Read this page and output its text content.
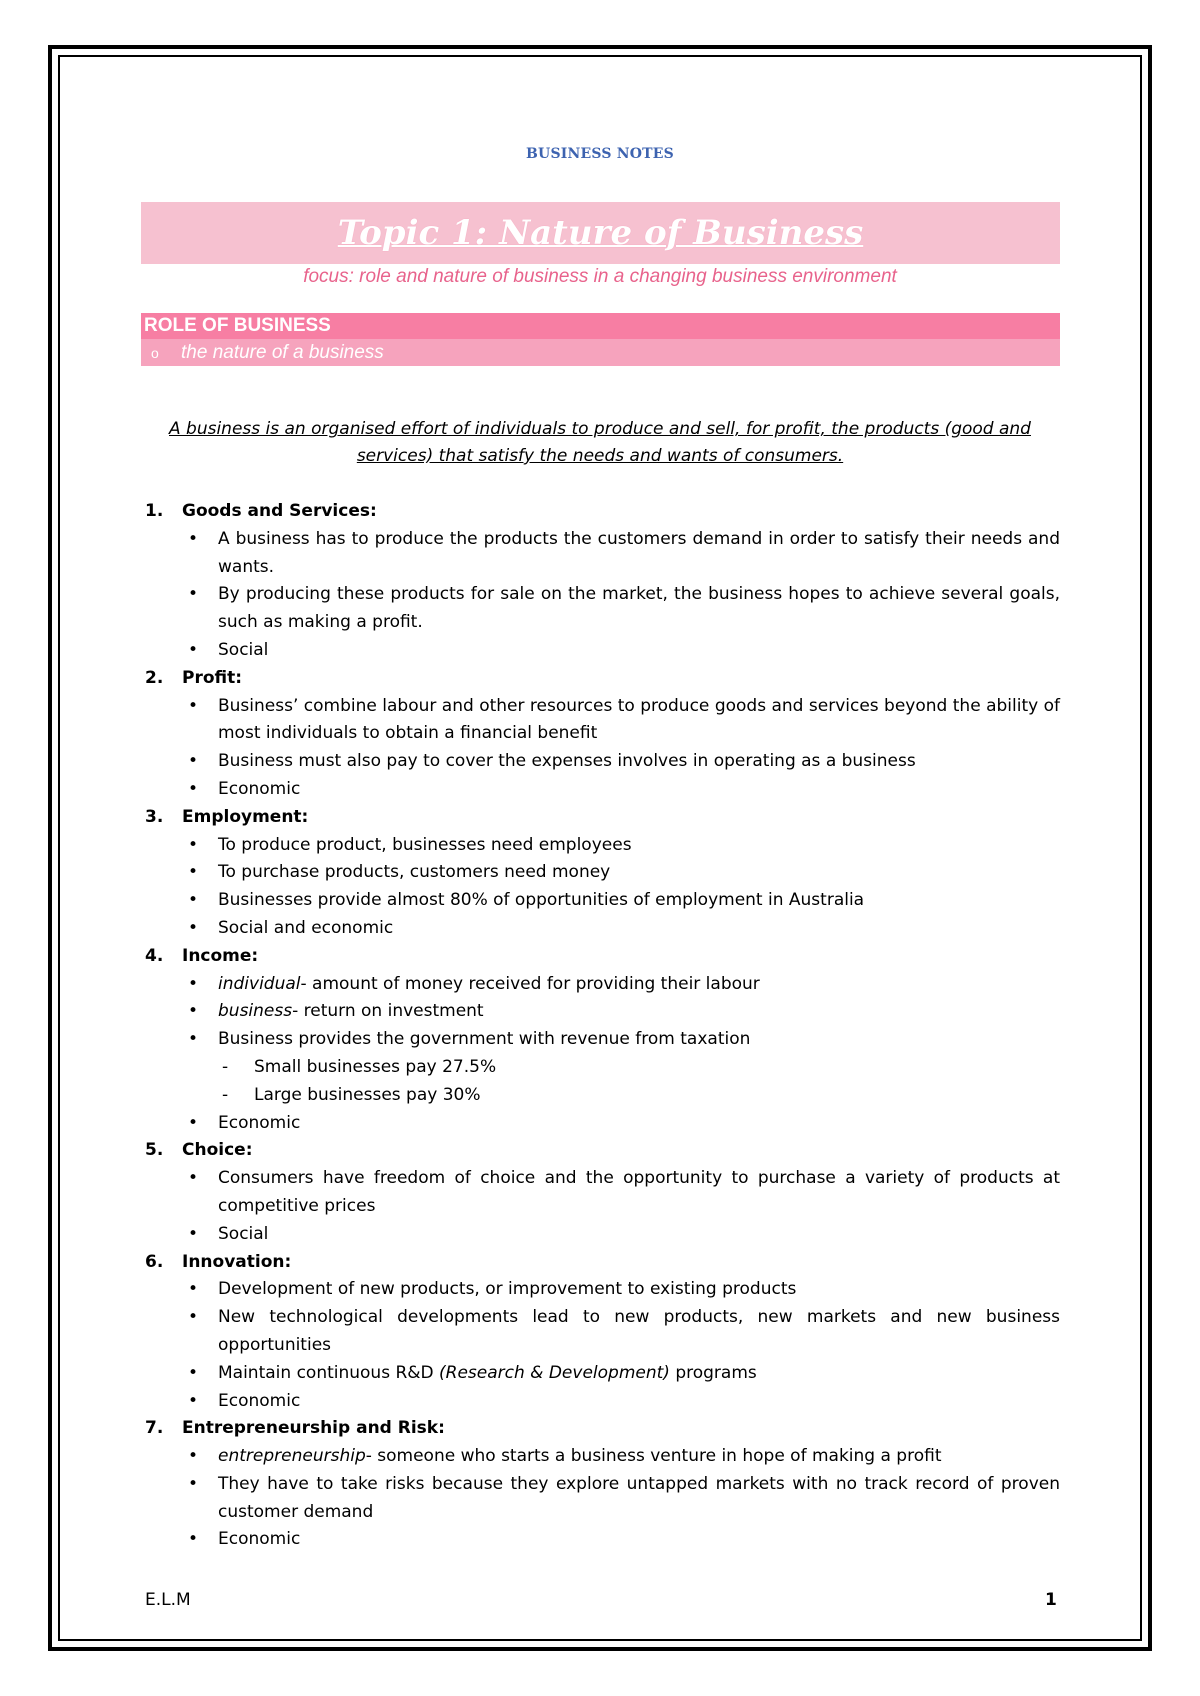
BUSINESS NOTES
Topic 1: Nature of Business
focus: role and nature of business in a changing business environment
ROLE OF BUSINESS
o the nature of a business
A business is an organised effort of individuals to produce and sell, for profit, the products (good and services) that satisfy the needs and wants of consumers.
1. Goods and Services:
• A business has to produce the products the customers demand in order to satisfy their needs and wants.
• By producing these products for sale on the market, the business hopes to achieve several goals, such as making a profit.
• Social
2. Profit:
• Business’ combine labour and other resources to produce goods and services beyond the ability of most individuals to obtain a financial benefit
• Business must also pay to cover the expenses involves in operating as a business
• Economic
3. Employment:
• To produce product, businesses need employees
• To purchase products, customers need money
• Businesses provide almost 80% of opportunities of employment in Australia
• Social and economic
4. Income:
• individual- amount of money received for providing their labour
• business- return on investment
• Business provides the government with revenue from taxation
- Small businesses pay 27.5%
- Large businesses pay 30%
• Economic
5. Choice:
• Consumers have freedom of choice and the opportunity to purchase a variety of products at competitive prices
• Social
6. Innovation:
• Development of new products, or improvement to existing products
• New technological developments lead to new products, new markets and new business opportunities
• Maintain continuous R&D (Research & Development) programs
• Economic
7. Entrepreneurship and Risk:
• entrepreneurship- someone who starts a business venture in hope of making a profit
• They have to take risks because they explore untapped markets with no track record of proven customer demand
• Economic
E.L.M	1
